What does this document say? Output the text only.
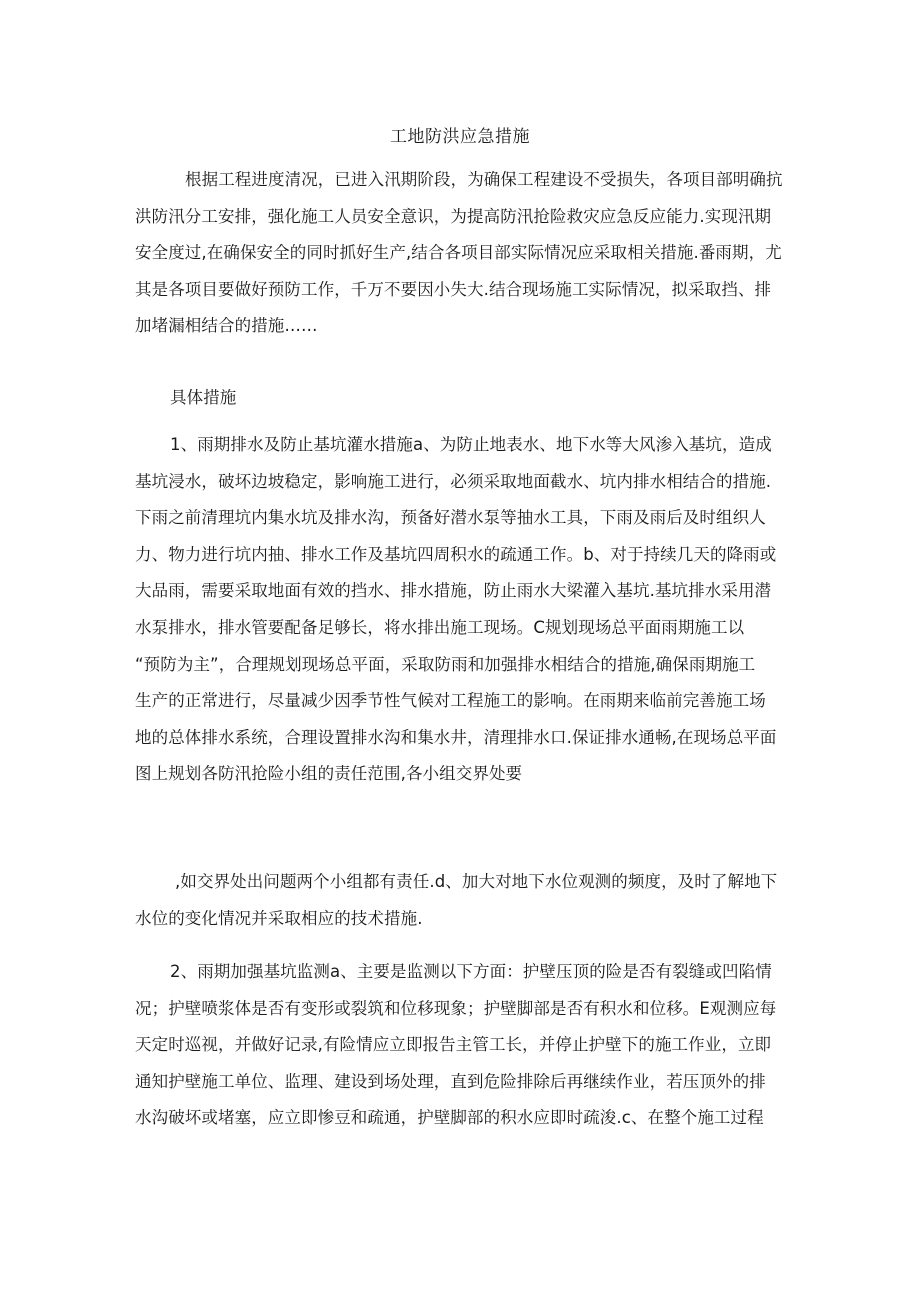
工地防洪应急措施
根据工程进度清况，已进入汛期阶段，为确保工程建设不受损失，各项目部明确抗
洪防汛分工安排，强化施工人员安全意识，为提高防汛抢险救灾应急反应能力.实现汛期
安全度过,在确保安全的同时抓好生产,结合各项目部实际情况应采取相关措施.番雨期，尤
其是各项目要做好预防工作，千万不要因小失大.结合现场施工实际情况，拟采取挡、排
加堵漏相结合的措施……
具体措施
1、雨期排水及防止基坑灌水措施a、为防止地表水、地下水等大风渗入基坑，造成
基坑浸水，破坏边坡稳定，影响施工进行，必须采取地面截水、坑内排水相结合的措施.
下雨之前清理坑内集水坑及排水沟，预备好潜水泵等抽水工具，下雨及雨后及时组织人
力、物力进行坑内抽、排水工作及基坑四周积水的疏通工作。b、对于持续几天的降雨或
大品雨，需要采取地面有效的挡水、排水措施，防止雨水大梁灌入基坑.基坑排水采用潜
水泵排水，排水管要配备足够长，将水排出施工现场。C规划现场总平面雨期施工以
“预防为主”，合理规划现场总平面，采取防雨和加强排水相结合的措施,确保雨期施工
生产的正常进行，尽量减少因季节性气候对工程施工的影响。在雨期来临前完善施工场
地的总体排水系统，合理设置排水沟和集水井，清理排水口.保证排水通畅,在现场总平面
图上规划各防汛抢险小组的责任范围,各小组交界处要
,如交界处出问题两个小组都有责任.d、加大对地下水位观测的频度，及时了解地下
水位的变化情况并采取相应的技术措施.
2、雨期加强基坑监测a、主要是监测以下方面：护壁压顶的险是否有裂缝或凹陷情
况；护壁喷浆体是否有变形或裂筑和位移现象；护壁脚部是否有积水和位移。E观测应每
天定时巡视，并做好记录,有险情应立即报告主管工长，并停止护壁下的施工作业，立即
通知护壁施工单位、监理、建设到场处理，直到危险排除后再继续作业，若压顶外的排
水沟破坏或堵塞，应立即惨豆和疏通，护壁脚部的积水应即时疏浚.c、在整个施工过程
